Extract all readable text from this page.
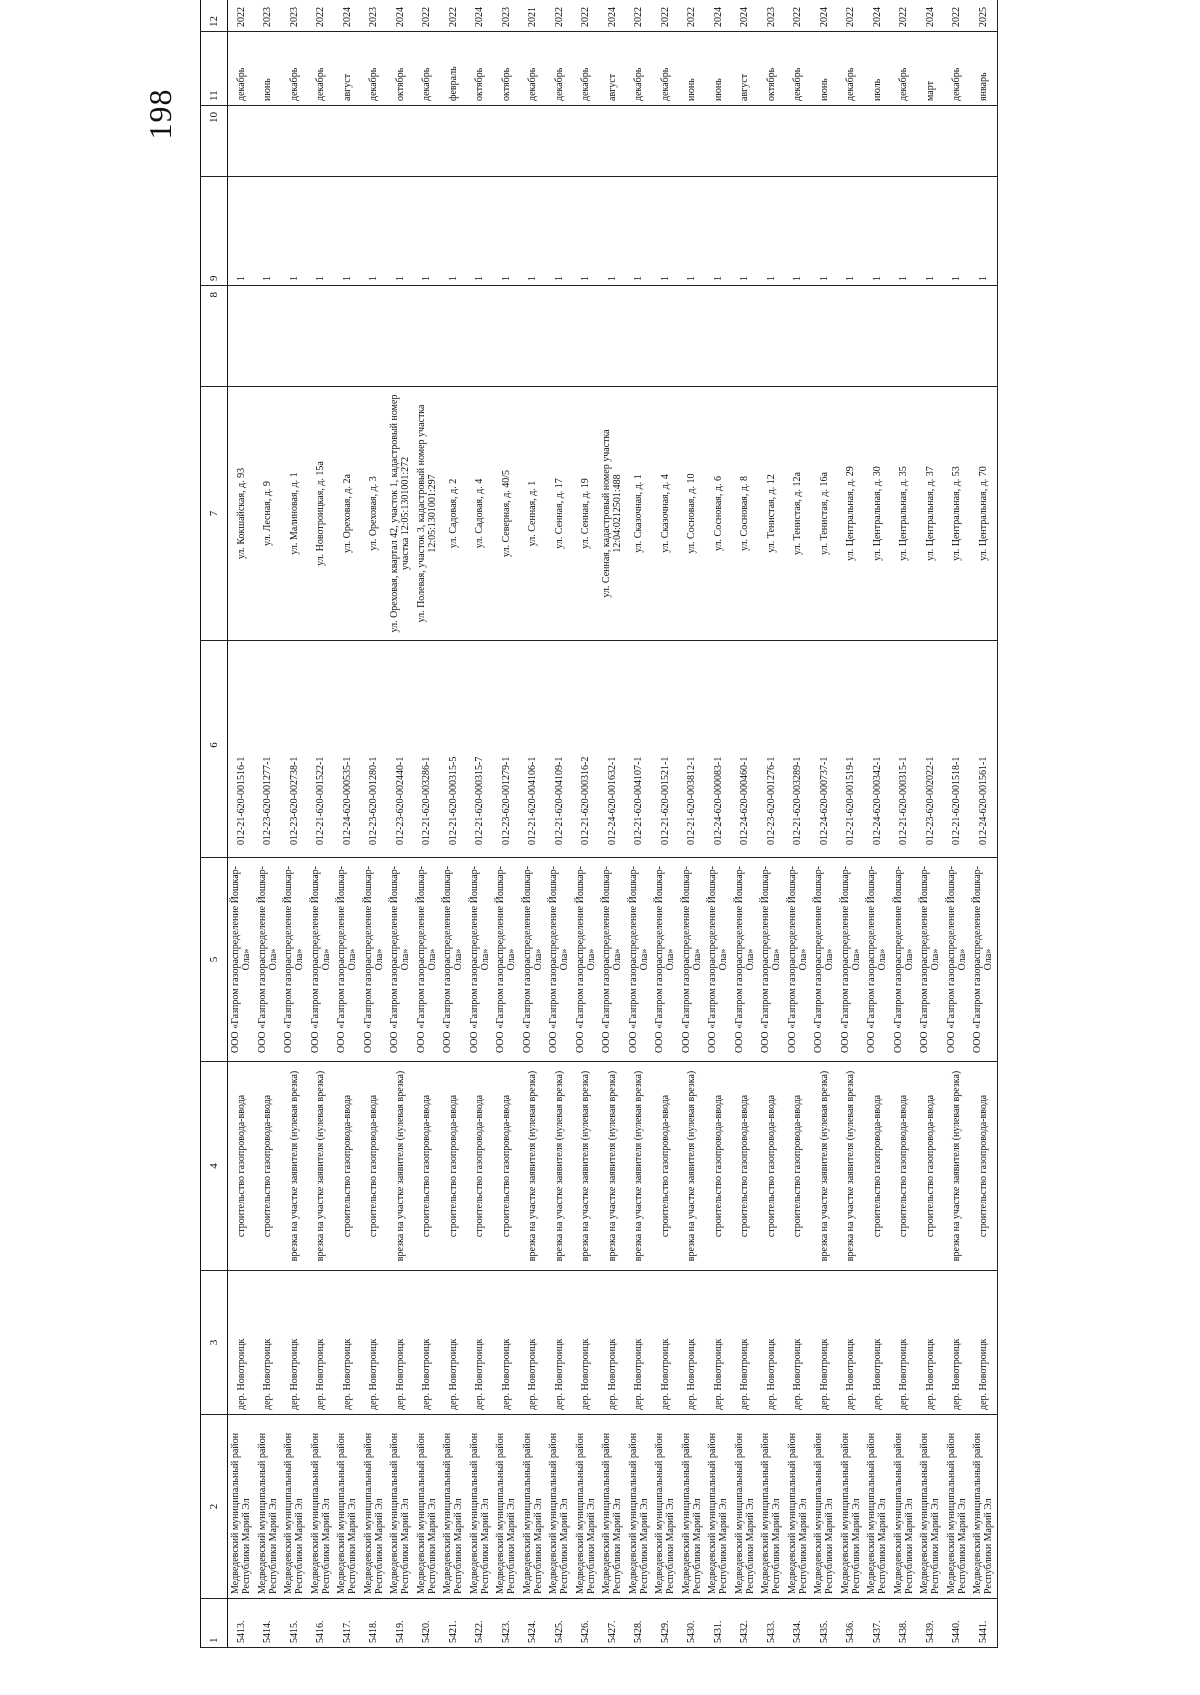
198
1	2	3	4	5	6	7	8	9	10	11	12
5413.	Медведевский муниципальный район Республики Марий Эл	дер. Новотроицк	строительство газопровода-ввода	ООО «Газпром газораспределение Йошкар-Ола»	012-21-620-001516-1	ул. Кокшайская, д. 93		1		декабрь	2022
5414.	Медведевский муниципальный район Республики Марий Эл	дер. Новотроицк	строительство газопровода-ввода	ООО «Газпром газораспределение Йошкар-Ола»	012-23-620-001277-1	ул. Лесная, д. 9		1		июнь	2023
5415.	Медведевский муниципальный район Республики Марий Эл	дер. Новотроицк	врезка на участке заявителя (нулевая врезка)	ООО «Газпром газораспределение Йошкар-Ола»	012-23-620-002738-1	ул. Малиновая, д. 1		1		декабрь	2023
5416.	Медведевский муниципальный район Республики Марий Эл	дер. Новотроицк	врезка на участке заявителя (нулевая врезка)	ООО «Газпром газораспределение Йошкар-Ола»	012-21-620-001522-1	ул. Новотроицкая, д. 15а		1		декабрь	2022
5417.	Медведевский муниципальный район Республики Марий Эл	дер. Новотроицк	строительство газопровода-ввода	ООО «Газпром газораспределение Йошкар-Ола»	012-24-620-000535-1	ул. Ореховая, д. 2а		1		август	2024
5418.	Медведевский муниципальный район Республики Марий Эл	дер. Новотроицк	строительство газопровода-ввода	ООО «Газпром газораспределение Йошкар-Ола»	012-23-620-001280-1	ул. Ореховая, д. 3		1		декабрь	2023
5419.	Медведевский муниципальный район Республики Марий Эл	дер. Новотроицк	врезка на участке заявителя (нулевая врезка)	ООО «Газпром газораспределение Йошкар-Ола»	012-23-620-002440-1	ул. Ореховая, квартал 42, участок 1, кадастровый номер участка 12:05:1301001:272		1		октябрь	2024
5420.	Медведевский муниципальный район Республики Марий Эл	дер. Новотроицк	строительство газопровода-ввода	ООО «Газпром газораспределение Йошкар-Ола»	012-21-620-003286-1	ул. Полевая, участок 3, кадастровый номер участка 12:05:1301001:297		1		декабрь	2022
5421.	Медведевский муниципальный район Республики Марий Эл	дер. Новотроицк	строительство газопровода-ввода	ООО «Газпром газораспределение Йошкар-Ола»	012-21-620-000315-5	ул. Садовая, д. 2		1		февраль	2022
5422.	Медведевский муниципальный район Республики Марий Эл	дер. Новотроицк	строительство газопровода-ввода	ООО «Газпром газораспределение Йошкар-Ола»	012-21-620-000315-7	ул. Садовая, д. 4		1		октябрь	2024
5423.	Медведевский муниципальный район Республики Марий Эл	дер. Новотроицк	строительство газопровода-ввода	ООО «Газпром газораспределение Йошкар-Ола»	012-23-620-001279-1	ул. Северная, д. 40/5		1		октябрь	2023
5424.	Медведевский муниципальный район Республики Марий Эл	дер. Новотроицк	врезка на участке заявителя (нулевая врезка)	ООО «Газпром газораспределение Йошкар-Ола»	012-21-620-004106-1	ул. Сенная, д. 1		1		декабрь	2021
5425.	Медведевский муниципальный район Республики Марий Эл	дер. Новотроицк	врезка на участке заявителя (нулевая врезка)	ООО «Газпром газораспределение Йошкар-Ола»	012-21-620-004109-1	ул. Сенная, д. 17		1		декабрь	2022
5426.	Медведевский муниципальный район Республики Марий Эл	дер. Новотроицк	врезка на участке заявителя (нулевая врезка)	ООО «Газпром газораспределение Йошкар-Ола»	012-21-620-000316-2	ул. Сенная, д. 19		1		декабрь	2022
5427.	Медведевский муниципальный район Республики Марий Эл	дер. Новотроицк	врезка на участке заявителя (нулевая врезка)	ООО «Газпром газораспределение Йошкар-Ола»	012-24-620-001632-1	ул. Сенная, кадастровый номер участка 12:04:0212501:488		1		август	2024
5428.	Медведевский муниципальный район Республики Марий Эл	дер. Новотроицк	врезка на участке заявителя (нулевая врезка)	ООО «Газпром газораспределение Йошкар-Ола»	012-21-620-004107-1	ул. Сказочная, д. 1		1		декабрь	2022
5429.	Медведевский муниципальный район Республики Марий Эл	дер. Новотроицк	строительство газопровода-ввода	ООО «Газпром газораспределение Йошкар-Ола»	012-21-620-001521-1	ул. Сказочная, д. 4		1		декабрь	2022
5430.	Медведевский муниципальный район Республики Марий Эл	дер. Новотроицк	врезка на участке заявителя (нулевая врезка)	ООО «Газпром газораспределение Йошкар-Ола»	012-21-620-003812-1	ул. Сосновая, д. 10		1		июнь	2022
5431.	Медведевский муниципальный район Республики Марий Эл	дер. Новотроицк	строительство газопровода-ввода	ООО «Газпром газораспределение Йошкар-Ола»	012-24-620-000083-1	ул. Сосновая, д. 6		1		июнь	2024
5432.	Медведевский муниципальный район Республики Марий Эл	дер. Новотроицк	строительство газопровода-ввода	ООО «Газпром газораспределение Йошкар-Ола»	012-24-620-000460-1	ул. Сосновая, д. 8		1		август	2024
5433.	Медведевский муниципальный район Республики Марий Эл	дер. Новотроицк	строительство газопровода-ввода	ООО «Газпром газораспределение Йошкар-Ола»	012-23-620-001276-1	ул. Тенистая, д. 12		1		октябрь	2023
5434.	Медведевский муниципальный район Республики Марий Эл	дер. Новотроицк	строительство газопровода-ввода	ООО «Газпром газораспределение Йошкар-Ола»	012-21-620-003289-1	ул. Тенистая, д. 12а		1		декабрь	2022
5435.	Медведевский муниципальный район Республики Марий Эл	дер. Новотроицк	врезка на участке заявителя (нулевая врезка)	ООО «Газпром газораспределение Йошкар-Ола»	012-24-620-000737-1	ул. Тенистая, д. 16а		1		июнь	2024
5436.	Медведевский муниципальный район Республики Марий Эл	дер. Новотроицк	врезка на участке заявителя (нулевая врезка)	ООО «Газпром газораспределение Йошкар-Ола»	012-21-620-001519-1	ул. Центральная, д. 29		1		декабрь	2022
5437.	Медведевский муниципальный район Республики Марий Эл	дер. Новотроицк	строительство газопровода-ввода	ООО «Газпром газораспределение Йошкар-Ола»	012-24-620-000342-1	ул. Центральная, д. 30		1		июль	2024
5438.	Медведевский муниципальный район Республики Марий Эл	дер. Новотроицк	строительство газопровода-ввода	ООО «Газпром газораспределение Йошкар-Ола»	012-21-620-000315-1	ул. Центральная, д. 35		1		декабрь	2022
5439.	Медведевский муниципальный район Республики Марий Эл	дер. Новотроицк	строительство газопровода-ввода	ООО «Газпром газораспределение Йошкар-Ола»	012-23-620-002022-1	ул. Центральная, д. 37		1		март	2024
5440.	Медведевский муниципальный район Республики Марий Эл	дер. Новотроицк	врезка на участке заявителя (нулевая врезка)	ООО «Газпром газораспределение Йошкар-Ола»	012-21-620-001518-1	ул. Центральная, д. 53		1		декабрь	2022
5441.	Медведевский муниципальный район Республики Марий Эл	дер. Новотроицк	строительство газопровода-ввода	ООО «Газпром газораспределение Йошкар-Ола»	012-24-620-001561-1	ул. Центральная, д. 70		1		январь	2025
